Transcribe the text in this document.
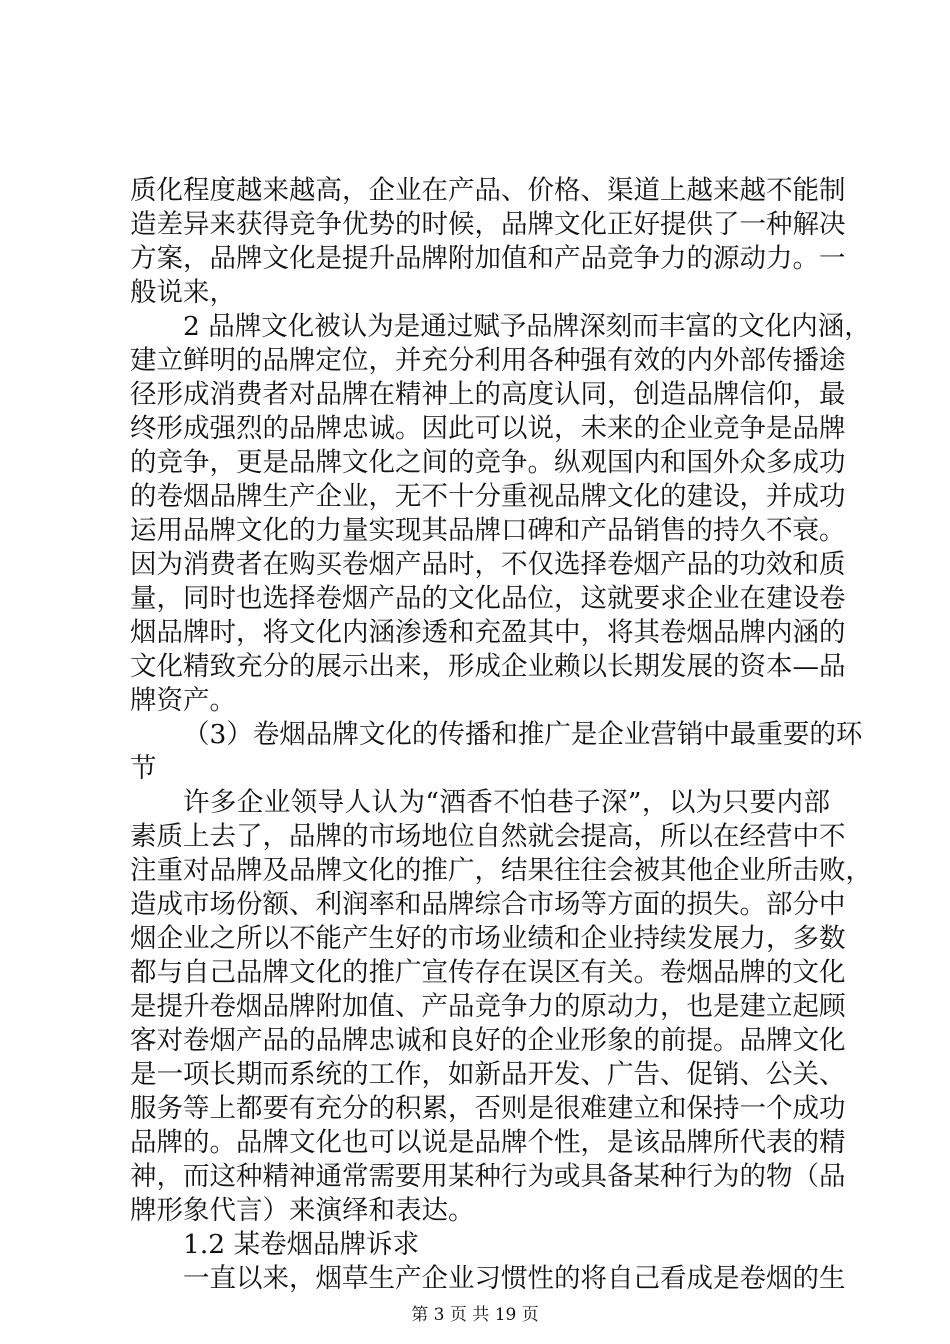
质化程度越来越高，企业在产品、价格、渠道上越来越不能制
造差异来获得竞争优势的时候，品牌文化正好提供了一种解决
方案，品牌文化是提升品牌附加值和产品竞争力的源动力。一
般说来，
2 品牌文化被认为是通过赋予品牌深刻而丰富的文化内涵，
建立鲜明的品牌定位，并充分利用各种强有效的内外部传播途
径形成消费者对品牌在精神上的高度认同，创造品牌信仰，最
终形成强烈的品牌忠诚。因此可以说，未来的企业竞争是品牌
的竞争，更是品牌文化之间的竞争。纵观国内和国外众多成功
的卷烟品牌生产企业，无不十分重视品牌文化的建设，并成功
运用品牌文化的力量实现其品牌口碑和产品销售的持久不衰。
因为消费者在购买卷烟产品时，不仅选择卷烟产品的功效和质
量，同时也选择卷烟产品的文化品位，这就要求企业在建设卷
烟品牌时，将文化内涵渗透和充盈其中，将其卷烟品牌内涵的
文化精致充分的展示出来，形成企业赖以长期发展的资本—品
牌资产。
（3）卷烟品牌文化的传播和推广是企业营销中最重要的环
节
许多企业领导人认为“酒香不怕巷子深”，以为只要内部
素质上去了，品牌的市场地位自然就会提高，所以在经营中不
注重对品牌及品牌文化的推广，结果往往会被其他企业所击败，
造成市场份额、利润率和品牌综合市场等方面的损失。部分中
烟企业之所以不能产生好的市场业绩和企业持续发展力，多数
都与自己品牌文化的推广宣传存在误区有关。卷烟品牌的文化
是提升卷烟品牌附加值、产品竞争力的原动力，也是建立起顾
客对卷烟产品的品牌忠诚和良好的企业形象的前提。品牌文化
是一项长期而系统的工作，如新品开发、广告、促销、公关、
服务等上都要有充分的积累，否则是很难建立和保持一个成功
品牌的。品牌文化也可以说是品牌个性，是该品牌所代表的精
神，而这种精神通常需要用某种行为或具备某种行为的物（品
牌形象代言）来演绎和表达。
1.2 某卷烟品牌诉求
一直以来，烟草生产企业习惯性的将自己看成是卷烟的生
第 3 页 共 19 页
